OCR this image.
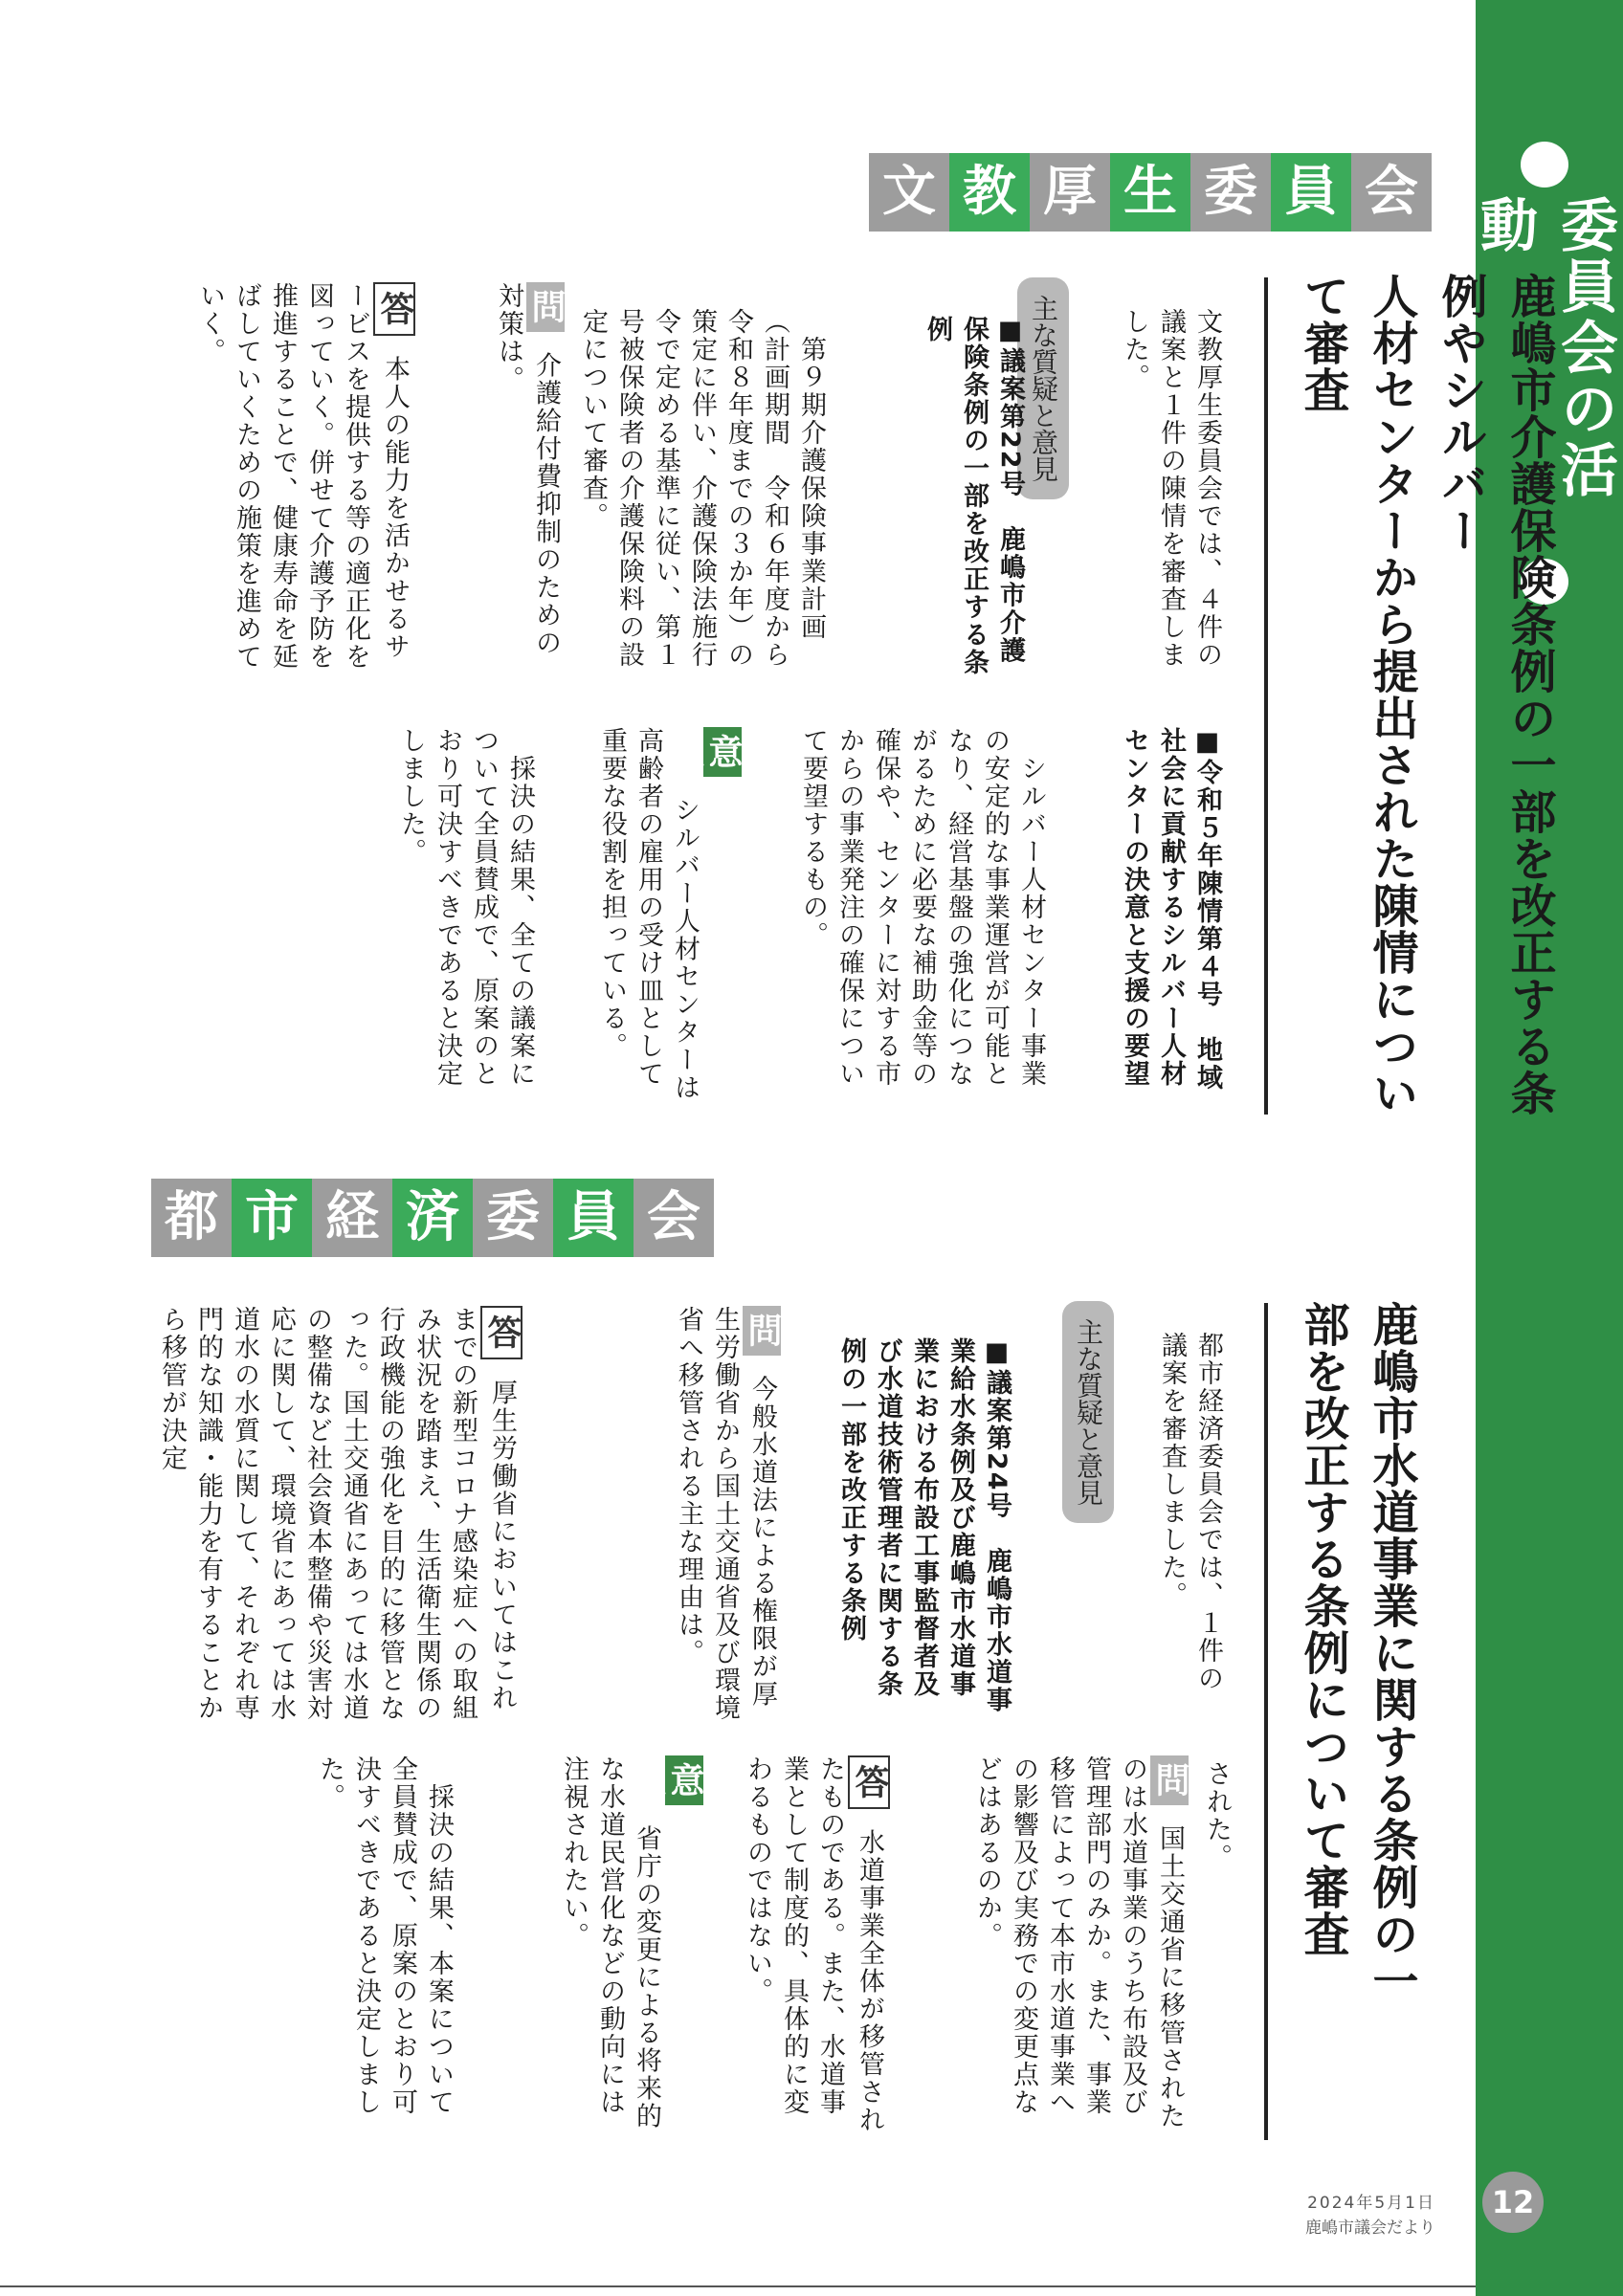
委員会の活動
12
2024年5月1日
鹿嶋市議会だより
文 教 厚 生 委 員 会
鹿嶋市介護保険条例の一部を改正する条例やシルバー
人材センターから提出された陳情について審査
文教厚生委員会では、４件の議案と１件の陳情を審査しました。
主な質疑と意見
■議案第22号　鹿嶋市介護保険条例の一部を改正する条例
　第９期介護保険事業計画（計画期間　令和６年度から令和８年度までの３か年）の策定に伴い、介護保険法施行令で定める基準に従い、第１号被保険者の介護保険料の設定について審査。
問 介護給付費抑制のための対策は。
答 本人の能力を活かせるサービスを提供する等の適正化を図っていく。併せて介護予防を推進することで、健康寿命を延ばしていくための施策を進めていく。
■令和５年陳情第４号　地域社会に貢献するシルバー人材センターの決意と支援の要望
　シルバー人材センター事業の安定的な事業運営が可能となり、経営基盤の強化につながるために必要な補助金等の確保や、センターに対する市からの事業発注の確保について要望するもの。
意見 シルバー人材センターは高齢者の雇用の受け皿として重要な役割を担っている。
　採決の結果、全ての議案について全員賛成で、原案のとおり可決すべきであると決定しました。
都 市 経 済 委 員 会
鹿嶋市水道事業に関する条例の一
部を改正する条例について審査
都市経済委員会では、１件の議案を審査しました。
主な質疑と意見
■議案第24号　鹿嶋市水道事業給水条例及び鹿嶋市水道事業における布設工事監督者及び水道技術管理者に関する条例の一部を改正する条例
問 今般水道法による権限が厚生労働省から国土交通省及び環境省へ移管される主な理由は。
答 厚生労働省においてはこれまでの新型コロナ感染症への取組み状況を踏まえ、生活衛生関係の行政機能の強化を目的に移管となった。国土交通省にあっては水道の整備など社会資本整備や災害対応に関して、環境省にあっては水道水の水質に関して、それぞれ専門的な知識・能力を有することから移管が決定
された。
問 国土交通省に移管されたのは水道事業のうち布設及び管理部門のみか。また、事業移管によって本市水道事業への影響及び実務での変更点などはあるのか。
答 水道事業全体が移管されたものである。また、水道事業として制度的、具体的に変わるものではない。
意見 省庁の変更による将来的な水道民営化などの動向には注視されたい。
　採決の結果、本案について全員賛成で、原案のとおり可決すべきであると決定しました。
